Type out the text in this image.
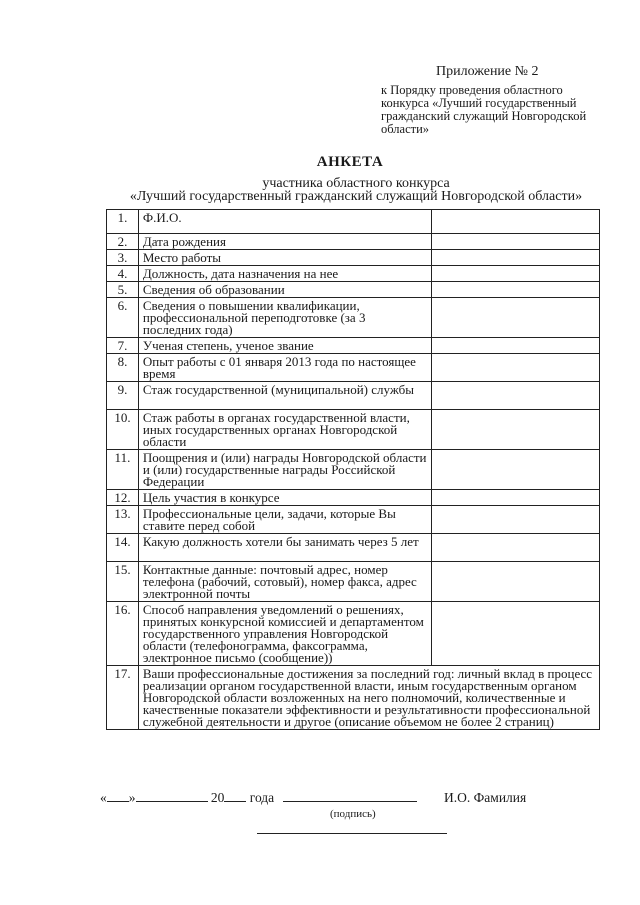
Приложение № 2
к Порядку проведения областного конкурса «Лучший государственный гражданский служащий Новгородской области»
АНКЕТА
участника областного конкурса
«Лучший государственный гражданский служащий Новгородской области»
1.	Ф.И.О.	
2.	Дата рождения	
3.	Место работы	
4.	Должность, дата назначения на нее	
5.	Сведения об образовании	
6.	Сведения о повышении квалификации, профессиональной переподготовке (за 3 последних года)	
7.	Ученая степень, ученое звание	
8.	Опыт работы с 01 января 2013 года по настоящее время	
9.	Стаж государственной (муниципальной) службы	
10.	Стаж работы в органах государственной власти, иных государственных органах Новгородской области	
11.	Поощрения и (или) награды Новгородской области и (или) государственные награды Российской Федерации	
12.	Цель участия в конкурсе	
13.	Профессиональные цели, задачи, которые Вы ставите перед собой	
14.	Какую должность хотели бы занимать через 5 лет	
15.	Контактные данные: почтовый адрес, номер телефона (рабочий, сотовый), номер факса, адрес электронной почты	
16.	Способ направления уведомлений о решениях, принятых конкурсной комиссией и департаментом государственного управления Новгородской области (телефонограмма, факсограмма, электронное письмо (сообщение))	
17.	Ваши профессиональные достижения за последний год: личный вклад в процесс реализации органом государственной власти, иным государственным органом Новгородской области возложенных на него полномочий, количественные и качественные показатели эффективности и результативности профессиональной служебной деятельности и другое (описание объемом не более 2 страниц)	
« »	20 года	И.О. Фамилия
(подпись)
